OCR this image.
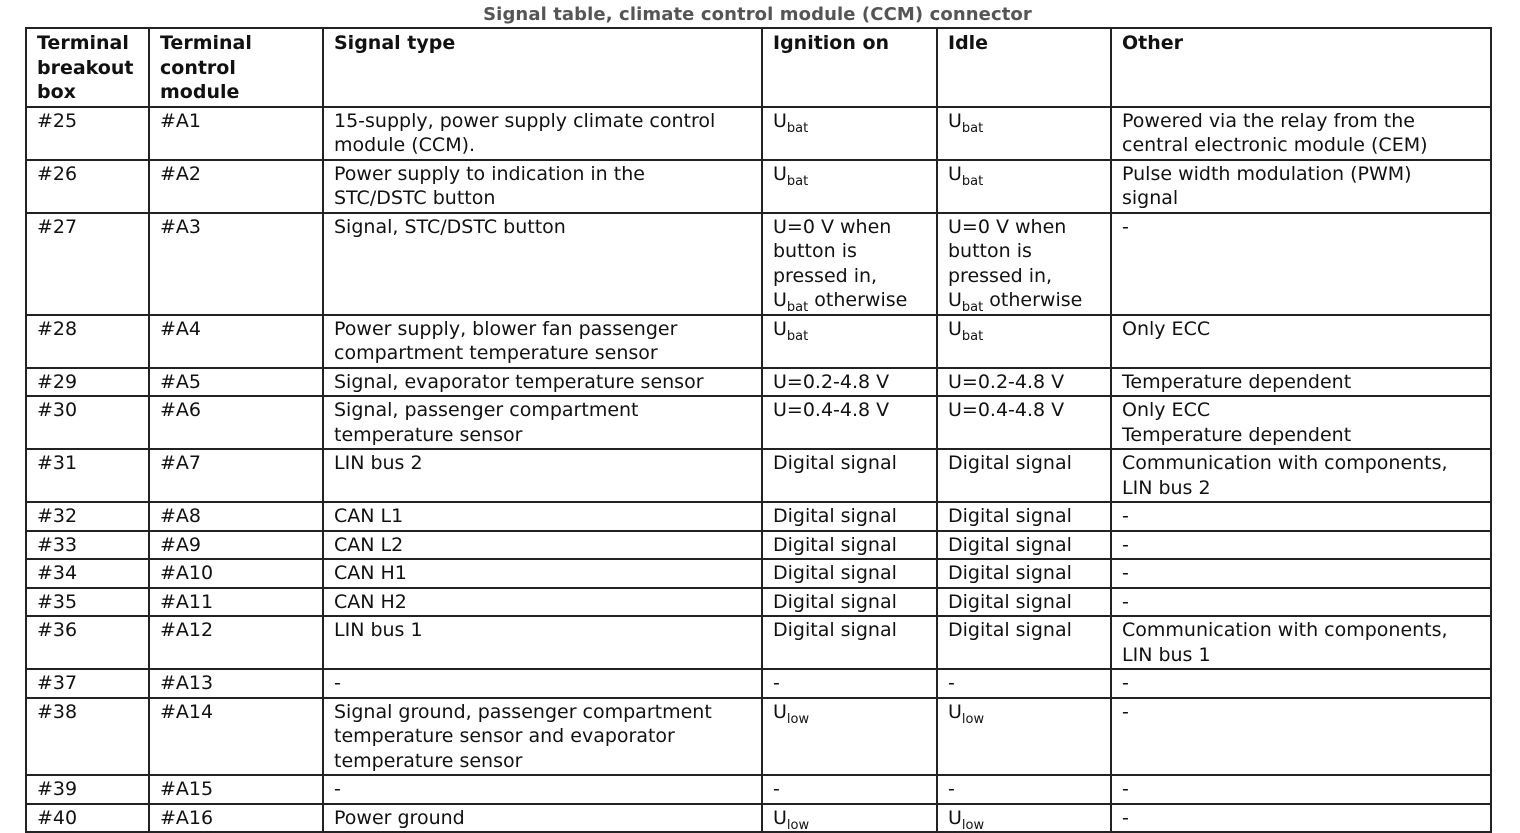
Signal table, climate control module (CCM) connector
Terminal
breakout
box	Terminal
control
module	Signal type	Ignition on	Idle	Other
#25	#A1	15-supply, power supply climate control
module (CCM).	$U_{bat}$	$U_{bat}$	Powered via the relay from the
central electronic module (CEM)

#26	#A2	Power supply to indication in the
STC/DSTC button	$U_{bat}$	$U_{bat}$	Pulse width modulation (PWM)
signal

#27	#A3	Signal, STC/DSTC button	U=0 V when
button is
pressed in,
$U_{bat}$ otherwise	U=0 V when
button is
pressed in,
$U_{bat}$ otherwise	-

#28	#A4	Power supply, blower fan passenger
compartment temperature sensor	$U_{bat}$	$U_{bat}$	Only ECC

#29	#A5	Signal, evaporator temperature sensor	U=0.2-4.8 V	U=0.2-4.8 V	Temperature dependent

#30	#A6	Signal, passenger compartment
temperature sensor	U=0.4-4.8 V	U=0.4-4.8 V	Only ECC
Temperature dependent

#31	#A7	LIN bus 2	Digital signal	Digital signal	Communication with components,
LIN bus 2

#32	#A8	CAN L1	Digital signal	Digital signal	-

#33	#A9	CAN L2	Digital signal	Digital signal	-

#34	#A10	CAN H1	Digital signal	Digital signal	-

#35	#A11	CAN H2	Digital signal	Digital signal	-

#36	#A12	LIN bus 1	Digital signal	Digital signal	Communication with components,
LIN bus 1

#37	#A13	-	-	-	-

#38	#A14	Signal ground, passenger compartment
temperature sensor and evaporator
temperature sensor	$U_{low}$	$U_{low}$	-

#39	#A15	-	-	-	-

#40	#A16	Power ground	$U_{low}$	$U_{low}$	-
